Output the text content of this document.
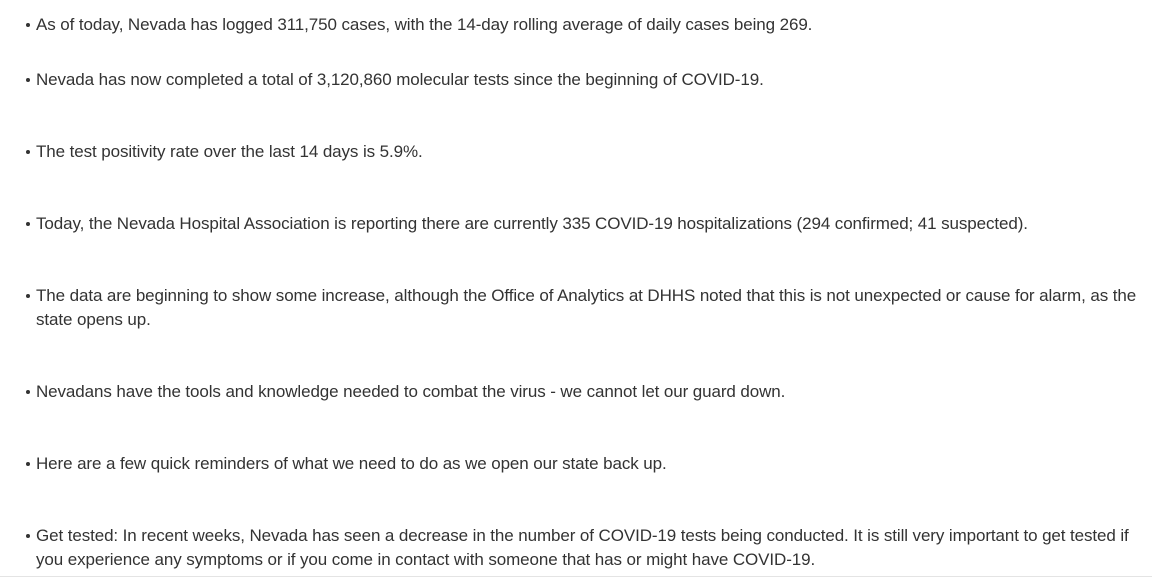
As of today, Nevada has logged 311,750 cases, with the 14-day rolling average of daily cases being 269.
Nevada has now completed a total of 3,120,860 molecular tests since the beginning of COVID-19.
The test positivity rate over the last 14 days is 5.9%.
Today, the Nevada Hospital Association is reporting there are currently 335 COVID-19 hospitalizations (294 confirmed; 41 suspected).
The data are beginning to show some increase, although the Office of Analytics at DHHS noted that this is not unexpected or cause for alarm, as the state opens up.
Nevadans have the tools and knowledge needed to combat the virus - we cannot let our guard down.
Here are a few quick reminders of what we need to do as we open our state back up.
Get tested: In recent weeks, Nevada has seen a decrease in the number of COVID-19 tests being conducted. It is still very important to get tested if you experience any symptoms or if you come in contact with someone that has or might have COVID-19.
